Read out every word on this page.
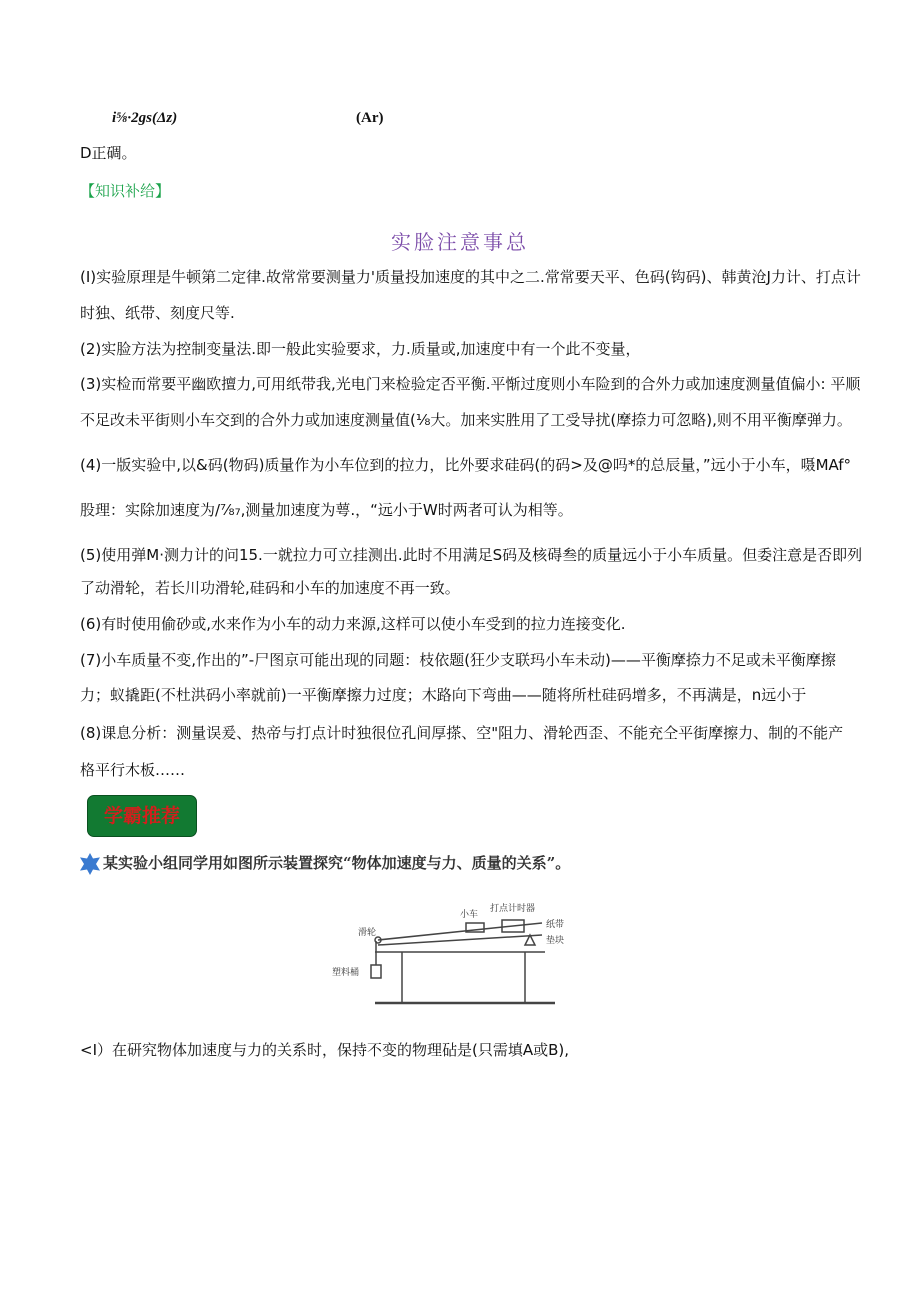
i⅝·2gs(Δz)	(Ar)
D正碉。
【知识补给】
实脸注意事总
(I)实验原理是牛顿第二定律.故常常要测量力'质量投加速度的其中之二.常常要天平、色码(钩码)、韩黄沧J力计、打点计
时独、纸带、刻度尺等.
(2)实脸方法为控制变量法.即一般此实验要求，力.质量或,加速度中有一个此不变量，
(3)实检而常要平幽欧擅力,可用纸带我,光电门来检验定否平衡.平惭过度则小车险到的合外力或加速度测量值偏小: 平顺
不足改未平街则小车交到的合外力或加速度测量值(⅛大。加来实胜用了工受导扰(摩捺力可忽略),则不用平衡摩弹力。
(4)一版实验中,以&码(物码)质量作为小车位到的拉力，比外要求硅码(的码>及@吗*的总辰量，”远小于小车，嗫MAf°
股理：实除加速度为/⅞₇,测量加速度为萼.，“远小于W时两者可认为相等。
(5)使用弹M·测力计的问15.一就拉力可立挂测出.此时不用满足S码及核碍叁的质量远小于小车质量。但委注意是否即列
了动滑轮，若长川功滑轮,硅码和小车的加速度不再一致。
(6)有时使用偷砂或,水来作为小车的动力来源,这样可以使小车受到的拉力连接变化.
(7)小车质量不变,作出的”-尸图京可能出现的同题：枝依题(狂少支联玛小车未动)——平衡摩捺力不足或未平衡摩擦
力；蚁撬距(不杜洪码小率就前)一平衡摩擦力过度；木路向下弯曲——随将所杜硅码增多，不再满是，n远小于
(8)课息分析：测量误爰、热帝与打点计时独很位孔间厚搽、空"阻力、滑轮西歪、不能充仝平街摩擦力、制的不能产
格平行木板……
学霸推荐
某实验小组同学用如图所示装置探究“物体加速度与力、质量的关系”。
滑轮
小车
打点计时器
纸带
垫块
塑料桶
<I）在研究物体加速度与力的关系时，保持不变的物理砧是(只需填A或B),
